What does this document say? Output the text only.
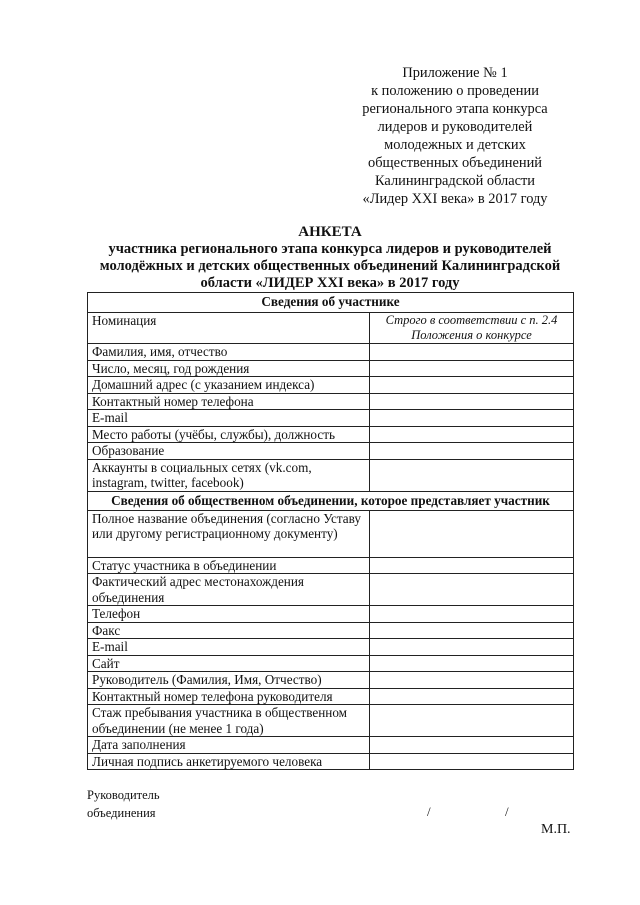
Приложение № 1
к положению о проведении
регионального этапа конкурса
лидеров и руководителей
молодежных и детских
общественных объединений
Калининградской области
«Лидер XXI века» в 2017 году
АНКЕТА
участника регионального этапа конкурса лидеров и руководителей
молодёжных и детских общественных объединений Калининградской
области «ЛИДЕР XXI века» в 2017 году
Сведения об участнике	
Номинация	Строго в соответствии с п. 2.4 Положения о конкурсе
Фамилия, имя, отчество	
Число, месяц, год рождения	
Домашний адрес (с указанием индекса)	
Контактный номер телефона	
E-mail	
Место работы (учёбы, службы), должность	
Образование	
Аккаунты в социальных сетях (vk.com, instagram, twitter, facebook)	
Сведения об общественном объединении, которое представляет участник	
Полное название объединения (согласно Уставу или другому регистрационному документу)	
Статус участника в объединении	
Фактический адрес местонахождения объединения	
Телефон	
Факс	
E-mail	
Сайт	
Руководитель (Фамилия, Имя, Отчество)	
Контактный номер телефона руководителя	
Стаж пребывания участника в общественном объединении (не менее 1 года)	
Дата заполнения	
Личная подпись анкетируемого человека	
Руководитель
объединения	/	/
М.П.
